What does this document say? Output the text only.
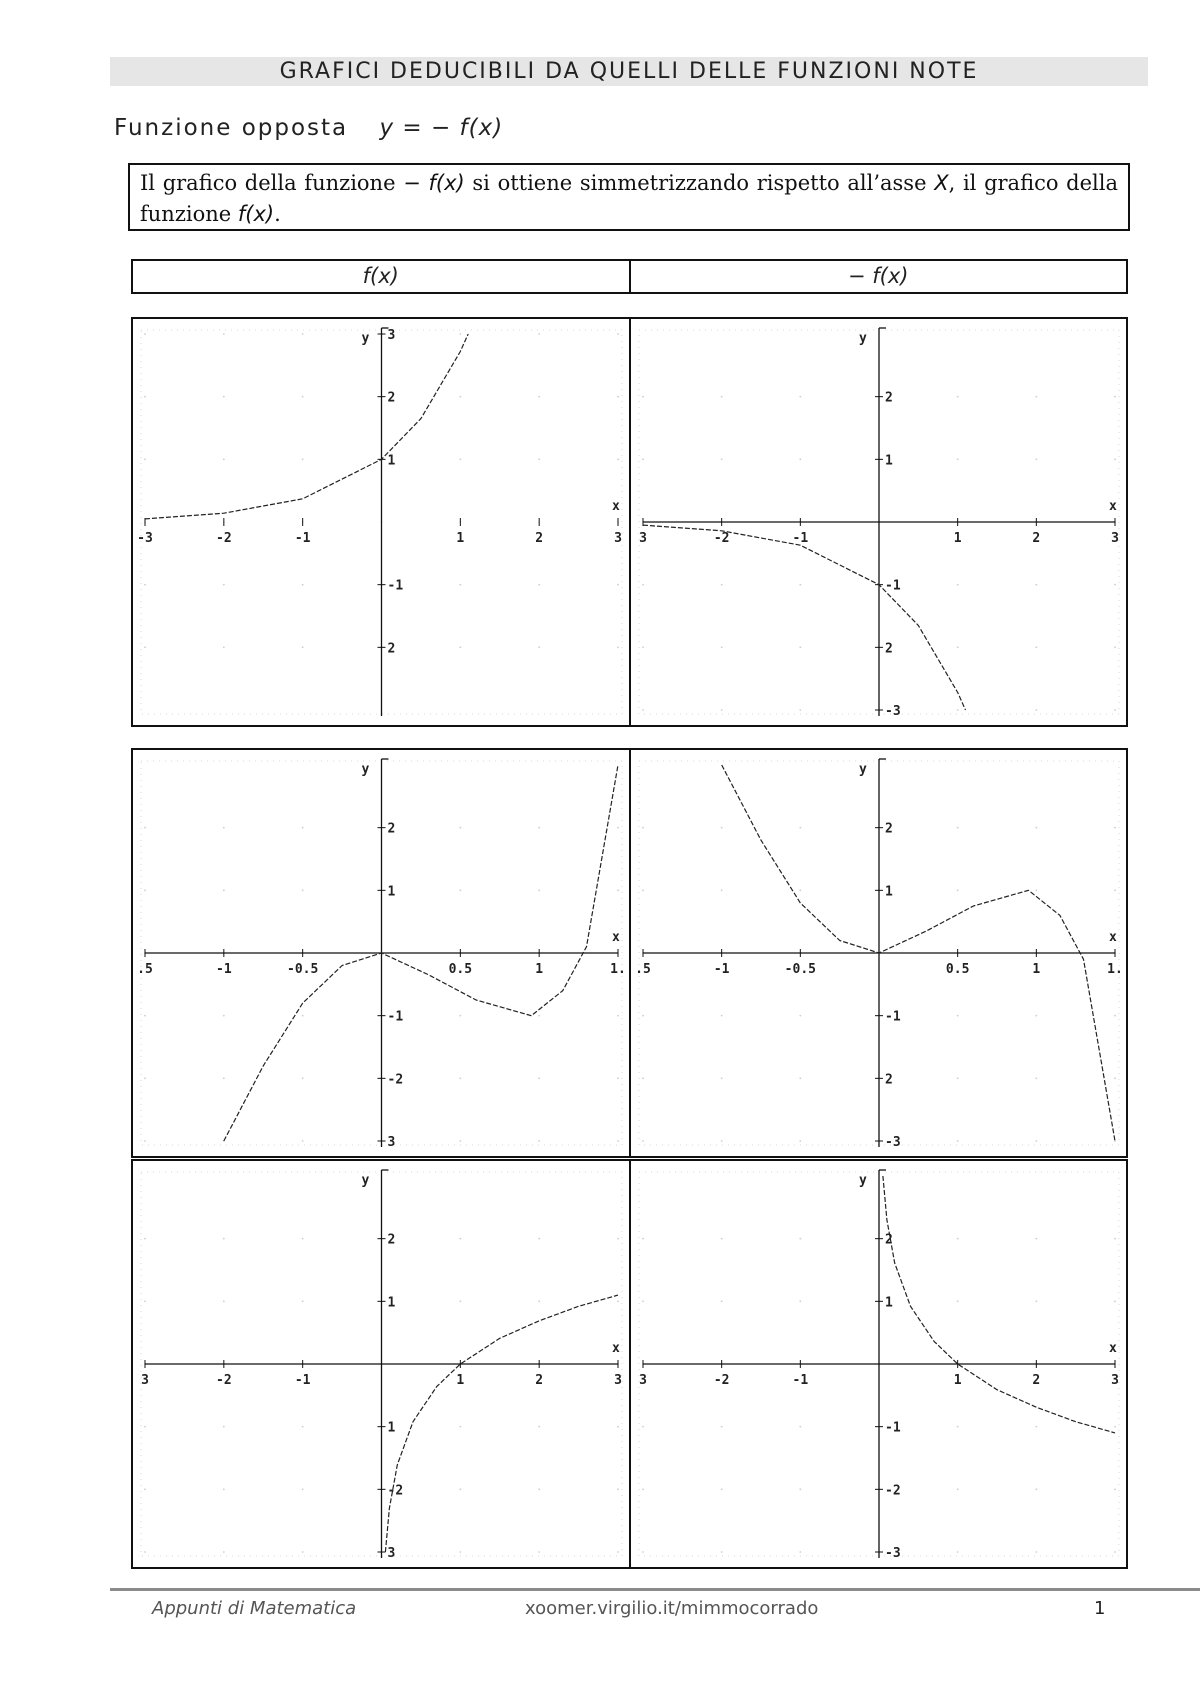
GRAFICI DEDUCIBILI DA QUELLI DELLE FUNZIONI NOTE
Funzione opposta y = − f(x)
Il grafico della funzione − f(x) si ottiene simmetrizzando rispetto all’asse X, il grafico della funzione f(x).
f(x)	− f(x)
x
y
-3	-2	-1	1	2	3
2
1
-1
2
3
x
y
3	-2	-1	1	2	3
2
1
-1
2
-3
x
y
.5	-1	-0.5	0.5	1	1.
2
1
-1
-2
3
x
y
.5	-1	-0.5	0.5	1	1.
2
1
-1
2
-3
x
y
3	-2	-1	1	2	3
2
1
1
-2
3
x
y
3	-2	-1	1	2	3
2
1
-1
-2
-3
Appunti di Matematica	xoomer.virgilio.it/mimmocorrado	1
